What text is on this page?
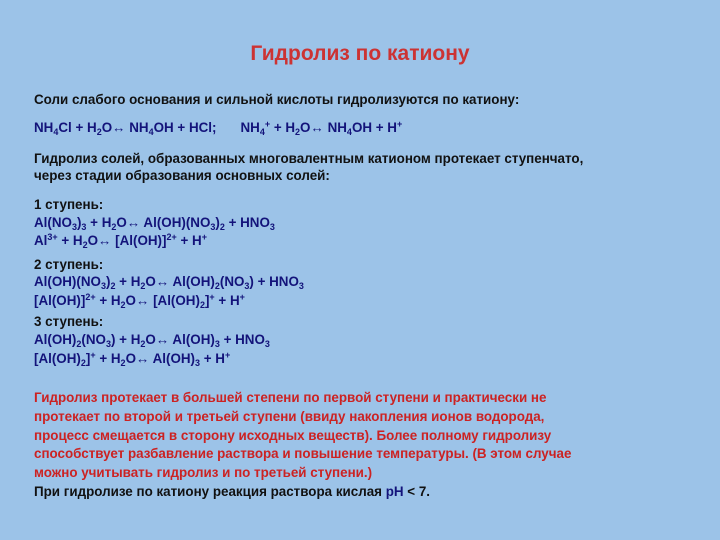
Гидролиз по катиону
Соли слабого основания и сильной кислоты гидролизуются по катиону:
$NH_4Cl$ + $H_2O\leftrightarrow$ $NH_4OH$ + HCl; $NH_4^+$ + $H_2O\leftrightarrow$ $NH_4OH + H^+$
Гидролиз солей, образованных многовалентным катионом протекает ступенчато,
через стадии образования основных солей:
1 ступень:
$Al(NO_3)_3$ + $H_2O\leftrightarrow$ $Al(OH)(NO_3)_2 + HNO_3$
$Al^{3+}$ + $H_2O\leftrightarrow$ $[Al(OH)]^{2+} + H^+$
2 ступень:
$Al(OH)(NO_3)_2$ + $H_2O\leftrightarrow$ $Al(OH)_2(NO_3) + HNO_3$
$[Al(OH)]^{2+}$ + $H_2O\leftrightarrow$ $[Al(OH)_2]^+ + H^+$
3 ступень:
$Al(OH)_2(NO_3)$ + $H_2O\leftrightarrow$ $Al(OH)_3 + HNO_3$
$[Al(OH)_2]^+$ + $H_2O\leftrightarrow$ $Al(OH)_3 + H^+$
Гидролиз протекает в большей степени по первой ступени и практически не
протекает по второй и третьей ступени (ввиду накопления ионов водорода,
процесс смещается в сторону исходных веществ). Более полному гидролизу
способствует разбавление раствора и повышение температуры. (В этом случае
можно учитывать гидролиз и по третьей ступени.)
При гидролизе по катиону реакция раствора кислая pH < 7.
